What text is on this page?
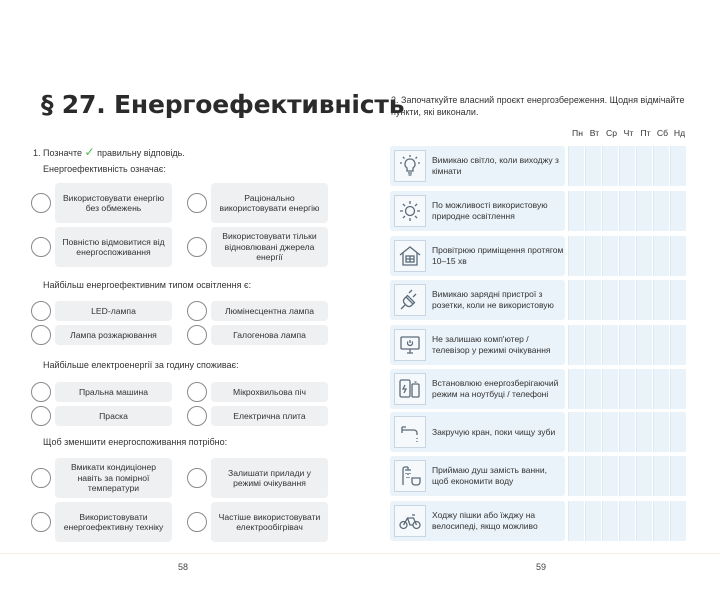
§ 27. Енергоефективність
1. Позначте ✓ правильну відповідь.
Енергоефективність означає:
Використовувати енергію без обмежень
Раціонально використовувати енергію
Повністю відмовитися від енергоспоживання
Використовувати тільки відновлювані джерела енергії
Найбільш енергоефективним типом освітлення є:
LED-лампа	Люмінесцентна лампа
Лампа розжарювання	Галогенова лампа
Найбільше електроенергії за годину споживає:
Пральна машина	Мікрохвильова піч
Праска	Електрична плита
Щоб зменшити енергоспоживання потрібно:
Вмикати кондиціонер навіть за помірної температури
Залишати прилади у режимі очікування
Використовувати енергоефективну техніку
Частіше використовувати електрообігрівач
58
2. Започаткуйте власний проєкт енергозбереження. Щодня відмічайте пункти, які виконали.
Пн Вт Ср Чт Пт Сб Нд
Вимикаю світло, коли виходжу з кімнати
По можливості використовую природне освітлення
Провітрюю приміщення протягом 10–15 хв
Вимикаю зарядні пристрої з розетки, коли не використовую
Не залишаю комп'ютер / телевізор у режимі очікування
Встановлюю енергозберігаючий режим на ноутбуці / телефоні
Закручую кран, поки чищу зуби
Приймаю душ замість ванни, щоб економити воду
Ходжу пішки або їжджу на велосипеді, якщо можливо
59
